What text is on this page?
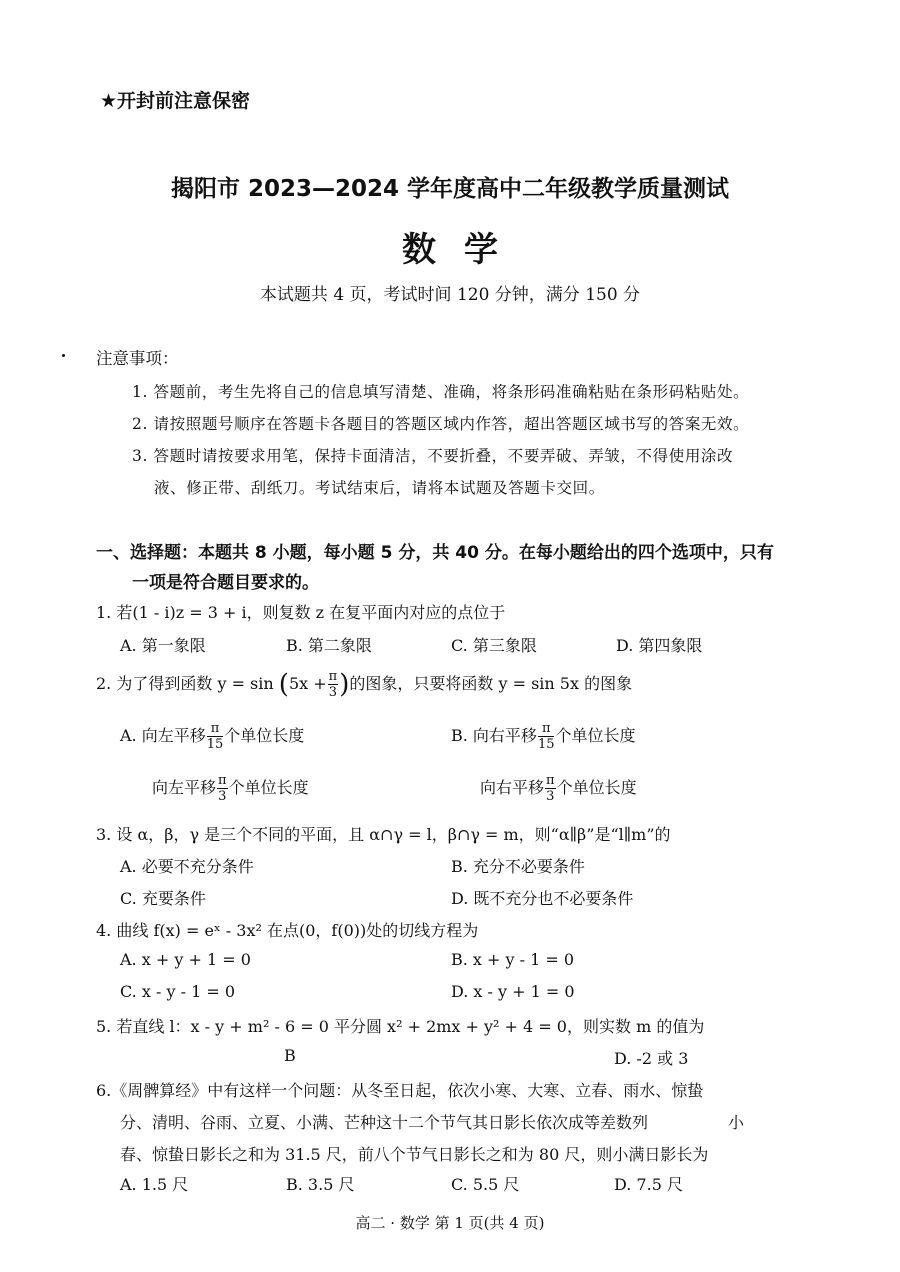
★开封前注意保密
揭阳市 2023—2024 学年度高中二年级教学质量测试
数学
本试题共 4 页，考试时间 120 分钟，满分 150 分
注意事项：
1. 答题前，考生先将自己的信息填写清楚、准确，将条形码准确粘贴在条形码粘贴处。
2. 请按照题号顺序在答题卡各题目的答题区域内作答，超出答题区域书写的答案无效。
3. 答题时请按要求用笔，保持卡面清洁，不要折叠，不要弄破、弄皱，不得使用涂改
液、修正带、刮纸刀。考试结束后，请将本试题及答题卡交回。
一、选择题：本题共 8 小题，每小题 5 分，共 40 分。在每小题给出的四个选项中，只有
一项是符合题目要求的。
1. 若(1 - i)z = 3 + i，则复数 z 在复平面内对应的点位于
A. 第一象限	B. 第二象限	C. 第三象限	D. 第四象限
2. 为了得到函数 $y = \sin (5x + \frac{\pi}{3}$ )的图象，只要将函数 y = sin 5x 的图象
A. 向左平移 $\frac{\pi}{15}$ 个单位长度	B. 向右平移 $\frac{\pi}{15}$ 个单位长度
向左平移 $\frac{\pi}{3}$ 个单位长度	向右平移 $\frac{\pi}{3}$ 个单位长度
3. 设 α，β，γ 是三个不同的平面，且 α∩γ = l，β∩γ = m，则“α∥β”是“l∥m”的
A. 必要不充分条件	B. 充分不必要条件
C. 充要条件	D. 既不充分也不必要条件
4. 曲线 f(x) = eˣ - 3x² 在点(0，f(0))处的切线方程为
A. x + y + 1 = 0	B. x + y - 1 = 0
C. x - y - 1 = 0	D. x - y + 1 = 0
5. 若直线 l：x - y + m² - 6 = 0 平分圆 x² + 2mx + y² + 4 = 0，则实数 m 的值为
B	D. -2 或 3
6.《周髀算经》中有这样一个问题：从冬至日起，依次小寒、大寒、立春、雨水、惊蛰
分、清明、谷雨、立夏、小满、芒种这十二个节气其日影长依次成等差数列	小
春、惊蛰日影长之和为 31.5 尺，前八个节气日影长之和为 80 尺，则小满日影长为
A. 1.5 尺	B. 3.5 尺	C. 5.5 尺	D. 7.5 尺
高二 · 数学 第 1 页(共 4 页)
